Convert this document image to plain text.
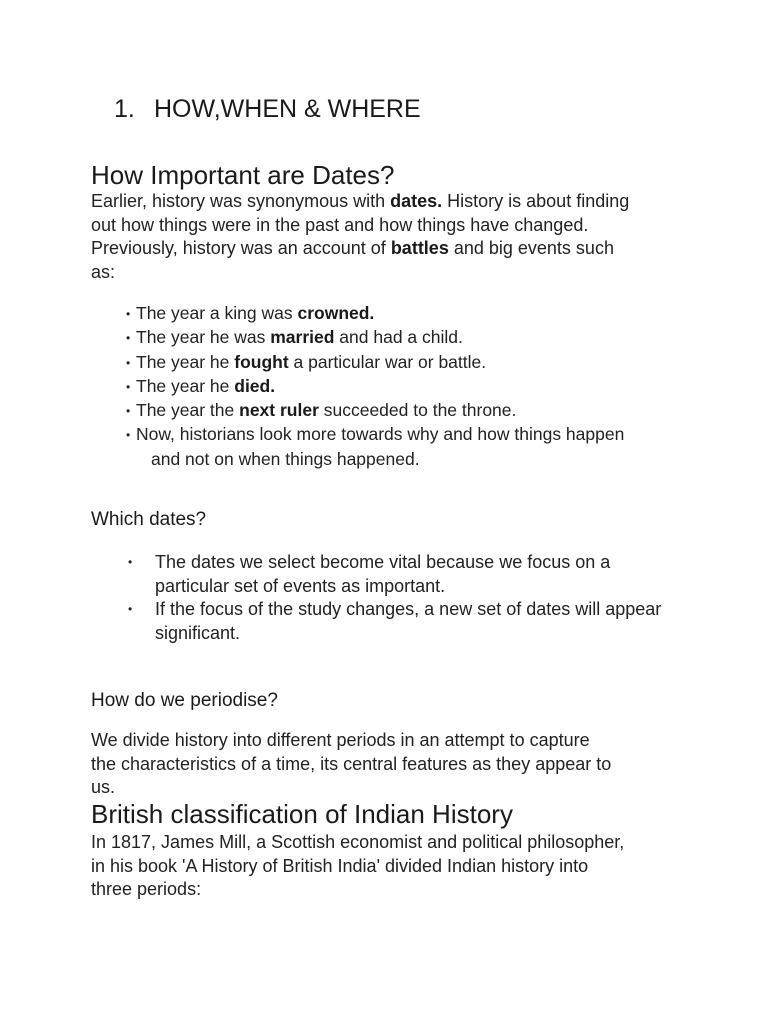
1. HOW,WHEN & WHERE
How Important are Dates?
Earlier, history was synonymous with dates. History is about finding
out how things were in the past and how things have changed.
Previously, history was an account of battles and big events such
as:
• The year a king was crowned.
• The year he was married and had a child.
• The year he fought a particular war or battle.
• The year he died.
• The year the next ruler succeeded to the throne.
• Now, historians look more towards why and how things happen
and not on when things happened.
Which dates?
• The dates we select become vital because we focus on a
particular set of events as important.
• If the focus of the study changes, a new set of dates will appear
significant.
How do we periodise?
We divide history into different periods in an attempt to capture
the characteristics of a time, its central features as they appear to
us.
British classification of Indian History
In 1817, James Mill, a Scottish economist and political philosopher,
in his book 'A History of British India' divided Indian history into
three periods:
